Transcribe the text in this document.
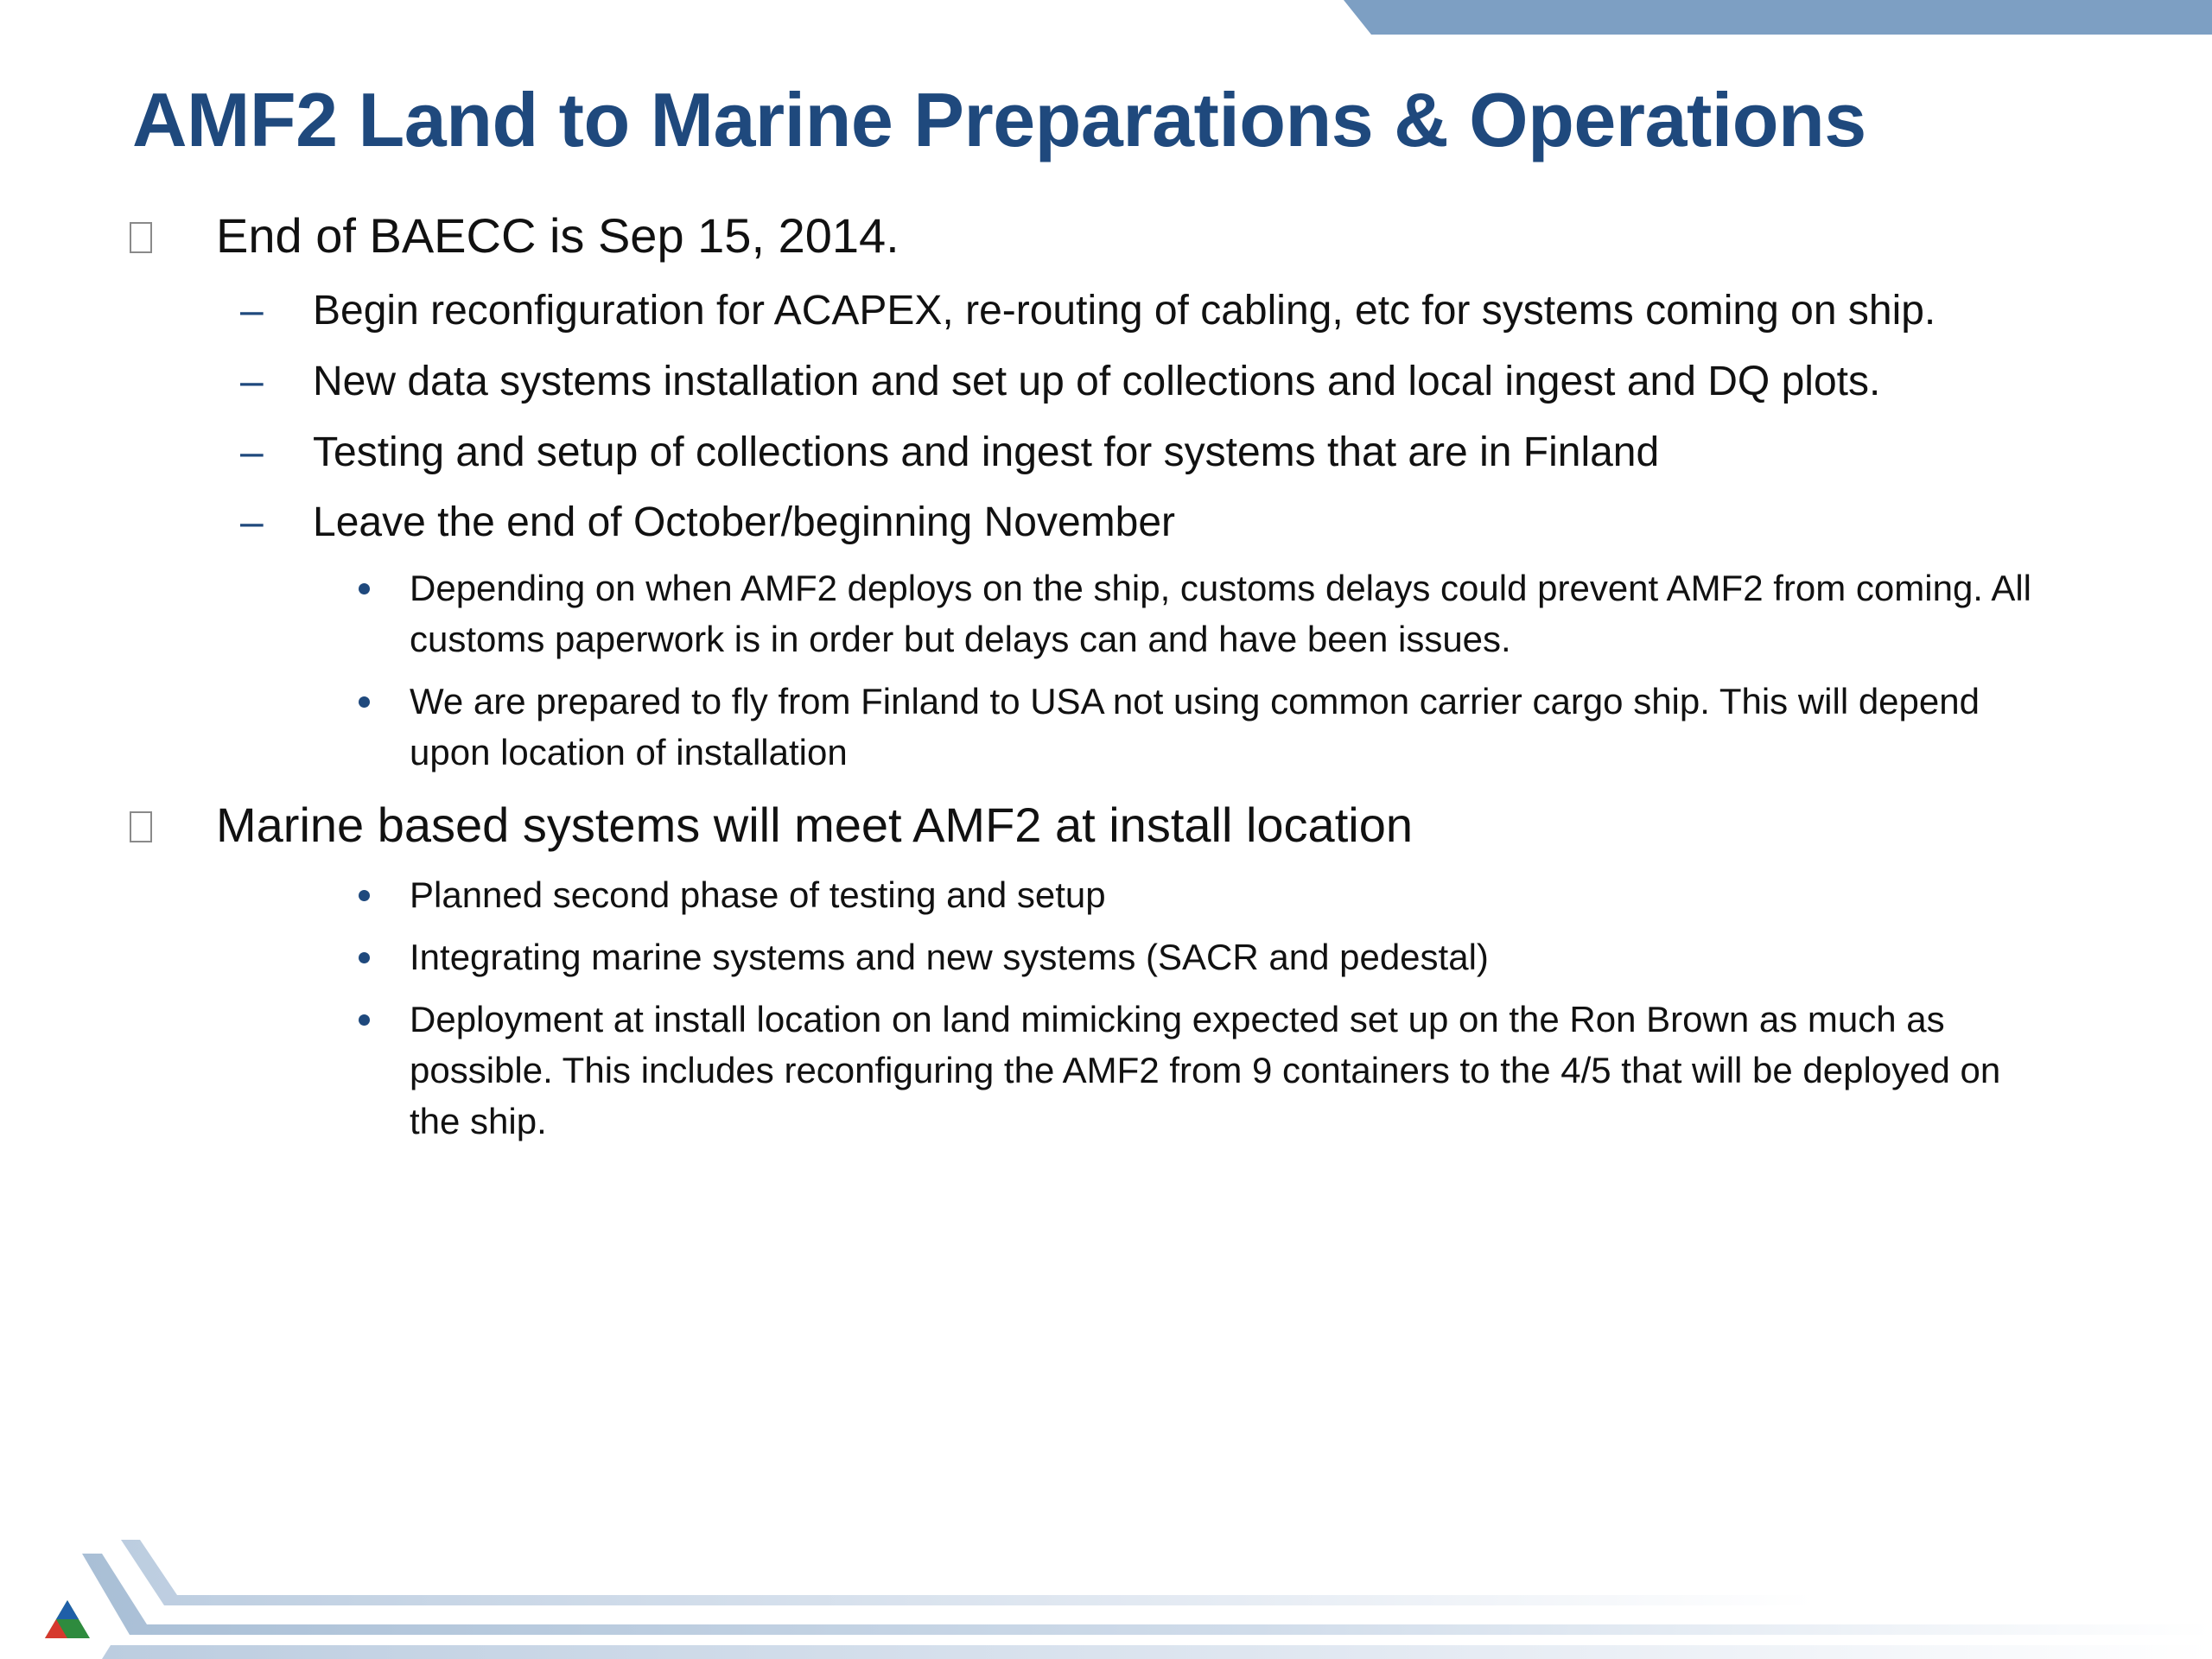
AMF2 Land to Marine Preparations & Operations
End of BAECC is Sep 15, 2014.
– Begin reconfiguration for ACAPEX, re-routing of cabling, etc for systems coming on ship.
– New data systems installation and set up of collections and local ingest and DQ plots.
– Testing and setup of collections and ingest for systems that are in Finland
– Leave the end of October/beginning November
Depending on when AMF2 deploys on the ship, customs delays could prevent AMF2 from coming. All customs paperwork is in order but delays can and have been issues.
We are prepared to fly from Finland to USA not using common carrier cargo ship. This will depend upon location of installation
Marine based systems will meet AMF2 at install location
Planned second phase of testing and setup
Integrating marine systems and new systems (SACR and pedestal)
Deployment at install location on land mimicking expected set up on the Ron Brown as much as possible. This includes reconfiguring the AMF2 from 9 containers to the 4/5 that will be deployed on the ship.
